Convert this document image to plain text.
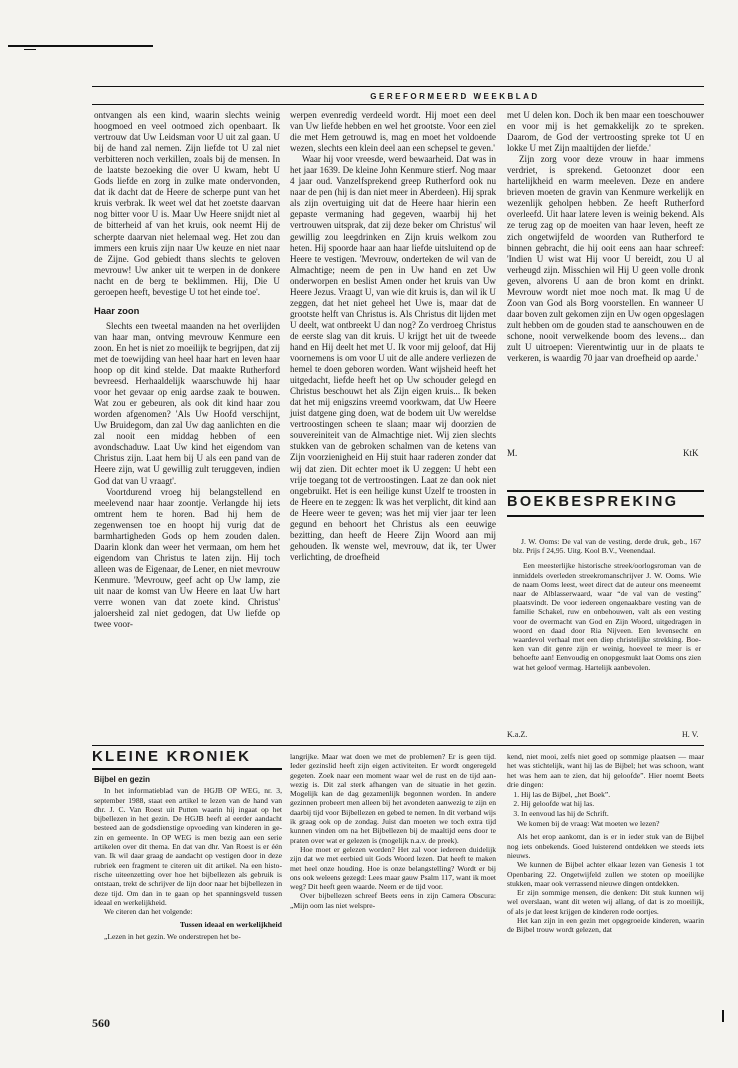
GEREFORMEERD WEEKBLAD

ontvangen als een kind, waarin slechts weinig hoogmoed en veel ootmoed zich openbaart. Ik vertrouw dat Uw Leidsman voor U uit zal gaan. U bij de hand zal nemen. Zijn liefde tot U zal niet verbitteren noch verkillen, zoals bij de mensen. In de laatste bezoeking die over U kwam, hebt U Gods liefde en zorg in zulke mate ondervonden, dat ik dacht dat de Heere de scherpe punt van het kruis verbrak. Ik weet wel dat het zoetste daarvan nog bitter voor U is. Maar Uw Heere snijdt niet al de bitterheid af van het kruis, ook neemt Hij de scherpte daarvan niet helemaal weg. Het zou dan immers een kruis zijn naar Uw keuze en niet naar de Zijne. God gebiedt thans slechts te geloven mevrouw! Uw anker uit te werpen in de donkere nacht en de berg te beklimmen. Hij, Die U geroepen heeft, bevestige U tot het einde toe'.

Haar zoon

Slechts een tweetal maanden na het overlijden van haar man, ontving mevrouw Kenmure een zoon. En het is niet zo moeilijk te begrijpen, dat zij met de toewijding van heel haar hart en leven haar hoop op dit kind stelde. Dat maakte Rutherford bevreesd. Herhaaldelijk waarschuwde hij haar voor het gevaar op enig aardse zaak te bouwen. Wat zou er gebeuren, als ook dit kind haar zou worden afgenomen? 'Als Uw Hoofd verschijnt, Uw Bruidegom, dan zal Uw dag aanlichten en die zal nooit een middag hebben of een avondschaduw. Laat Uw kind het eigendom van Christus zijn. Laat hem bij U als een pand van de Heere zijn, wat U gewillig zult teruggeven, indien God dat van U vraagt'.

Voortdurend vroeg hij belangstellend en meelevend naar haar zoontje. Verlangde hij iets omtrent hem te horen. Bad hij hem de zegenwensen toe en hoopt hij vurig dat de barmhartigheden Gods op hem zouden dalen. Daarin klonk dan weer het vermaan, om hem het eigendom van Christus te laten zijn. Hij toch alleen was de Eigenaar, de Lener, en niet mevrouw Kenmure. 'Mevrouw, geef acht op Uw lamp, zie uit naar de komst van Uw Heere en laat Uw hart verre wonen van dat zoete kind. Christus' jaloersheid zal niet gedogen, dat Uw liefde op twee voor-

werpen evenredig verdeeld wordt. Hij moet een deel van Uw liefde hebben en wel het grootste. Voor een ziel die met Hem getrouwd is, mag en moet het voldoende wezen, slechts een klein deel aan een schepsel te geven.'

Waar hij voor vreesde, werd bewaarheid. Dat was in het jaar 1639. De kleine John Kenmure stierf. Nog maar 4 jaar oud. Vanzelfsprekend greep Rutherford ook nu naar de pen (hij is dan niet meer in Aberdeen). Hij sprak als zijn overtuiging uit dat de Heere haar hierin een gepaste vermaning had gegeven, waarbij hij het vertrouwen uitsprak, dat zij deze beker om Christus' wil gewillig zou leegdrinken en Zijn kruis welkom zou heten. Hij spoorde haar aan haar liefde uitsluitend op de Heere te vestigen. 'Mevrouw, onderteken de wil van de Almachtige; neem de pen in Uw hand en zet Uw onderworpen en beslist Amen onder het kruis van Uw Heere Jezus. Vraagt U, van wie dit kruis is, dan wil ik U zeggen, dat het niet geheel het Uwe is, maar dat de grootste helft van Christus is. Als Christus dit lijden met U deelt, wat ontbreekt U dan nog? Zo verdroeg Christus de eerste slag van dit kruis. U krijgt het uit de tweede hand en Hij deelt het met U. Ik voor mij geloof, dat Hij voornemens is om voor U uit de alle andere verliezen de hemel te doen geboren worden. Want wijsheid heeft het uitgedacht, liefde heeft het op Uw schouder gelegd en Christus beschouwt het als Zijn eigen kruis... Ik beken dat het mij enigszins vreemd voorkwam, dat Uw Heere juist datgene ging doen, wat de bodem uit Uw wereldse vertroostingen scheen te slaan; maar wij doorzien de souvereiniteit van de Almachtige niet. Wij zien slechts stukken van de gebroken schalmen van de ketens van Zijn voorzienigheid en Hij stuit haar raderen zonder dat wij dat zien. Dit echter moet ik U zeggen: U hebt een vrije toegang tot de vertroostingen. Laat ze dan ook niet ongebruikt. Het is een heilige kunst Uzelf te troosten in de Heere en te zeggen: Ik was het verplicht, dit kind aan de Heere weer te geven; was het mij vier jaar ter leen gegund en behoort het Christus als een eeuwige bezitting, dan heeft de Heere Zijn Woord aan mij gehouden. Ik wenste wel, mevrouw, dat ik, ter Uwer verlichting, de droefheid

met U delen kon. Doch ik ben maar een toeschouwer en voor mij is het gemakkelijk zo te spreken. Daarom, de God der vertroosting spreke tot U en lokke U met Zijn maaltijden der liefde.'

Zijn zorg voor deze vrouw in haar immens verdriet, is sprekend. Getoonzet door een hartelijkheid en warm meeleven. Deze en andere brieven moeten de gravin van Kenmure werkelijk en wezenlijk geholpen hebben. Ze heeft Rutherford overleefd. Uit haar latere leven is weinig bekend. Als ze terug zag op de moeiten van haar leven, heeft ze zich ongetwijfeld de woorden van Rutherford te binnen gebracht, die hij ooit eens aan haar schreef: 'Indien U wist wat Hij voor U bereidt, zou U al verheugd zijn. Misschien wil Hij U geen volle dronk geven, alvorens U aan de bron komt en drinkt. Mevrouw wordt niet moe noch mat. Ik mag U de Zoon van God als Borg voorstellen. En wanneer U daar boven zult gekomen zijn en Uw ogen opgeslagen zult hebben om de gouden stad te aanschouwen en de schone, nooit verwelkende boom des levens... dan zult U uitroepen: Vierentwintig uur in de plaats te verkeren, is waardig 70 jaar van droefheid op aarde.'

M.	KtK
BOEKBESPREKING

J. W. Ooms: De val van de vesting, derde druk, geb., 167 blz. Prijs f 24,95. Uitg. Kool B.V., Veenendaal.

Een meesterlijke historische streek/oorlogsroman van de inmiddels overleden streekromanschrijver J. W. Ooms. Wie de naam Ooms leest, weet direct dat de auteur ons meeneemt naar de Alblasserwaard, waar “de val van de vesting” plaatsvindt. De voor iedereen ongenaakbare vesting van de familie Schakel, ruw en onbehouwen, valt als een vesting voor de overmacht van God en Zijn Woord, uitgedragen in woord en daad door Ria Nijveen. Een levensecht en waardevol verhaal met een diep christelijke strekking. Boeken van dit genre zijn er weinig, hoeveel te meer is er behoefte aan! Eenvoudig en onopgesmukt laat Ooms ons zien wat het geloof vermag. Hartelijk aanbevolen.

K.a.Z.	H. V.
KLEINE KRONIEK
Bijbel en gezin

In het informatieblad van de HGJB OP WEG, nr. 3, september 1988, staat een artikel te lezen van de hand van dhr. J. C. Van Roest uit Putten waarin hij ingaat op het bijbellezen in het gezin. De HGJB heeft al eerder aandacht besteed aan de godsdienstige opvoeding van kinderen in gezin en gemeente. In OP WEG is men bezig aan een serie artikelen over dit thema. En dat van dhr. Van Roest is er één van. Ik wil daar graag de aandacht op vestigen door in deze rubriek een fragment te citeren uit dit artikel. Na een historische uiteenzetting over hoe het bijbellezen als gebruik is ontstaan, trekt de schrijver de lijn door naar het bijbellezen in deze tijd. Om dan in te gaan op het spanningsveld tussen ideaal en werkelijkheid.

We citeren dan het volgende:

Tussen ideaal en werkelijkheid

„Lezen in het gezin. We onderstrepen het be-

langrijke. Maar wat doen we met de problemen? Er is geen tijd. Ieder gezinslid heeft zijn eigen activiteiten. Er wordt ongeregeld gegeten. Zoek naar een moment waar wel de rust en de tijd aanwezig is. Dit zal sterk afhangen van de situatie in het gezin. Mogelijk kan de dag gezamenlijk begonnen worden. In andere gezinnen probeert men alleen bij het avondeten aanwezig te zijn en daarbij tijd voor Bijbellezen en gebed te nemen. In dit verband wijs ik graag ook op de zondag. Juist dan moeten we toch extra tijd kunnen vinden om na het Bijbellezen bij de maaltijd eens door te praten over wat er gelezen is (mogelijk n.a.v. de preek).

Hoe moet er gelezen worden? Het zal voor iedereen duidelijk zijn dat we met eerbied uit Gods Woord lezen. Dat heeft te maken met heel onze houding. Hoe is onze belangstelling? Wordt er bij ons ook weleens gezegd: Lees maar gauw Psalm 117, want ik moet weg? Dit heeft geen waarde. Neem er de tijd voor.

Over bijbellezen schreef Beets eens in zijn Camera Obscura: „Mijn oom las niet welspre-

kend, niet mooi, zelfs niet goed op sommige plaatsen — maar het was stichtelijk, want hij las de Bijbel; het was schoon, want het was hem aan te zien, dat hij geloofde”. Hier noemt Beets drie dingen:

1. Hij las de Bijbel, „het Boek”.
2. Hij geloofde wat hij las.
3. In eenvoud las hij de Schrift.

We komen bij de vraag: Wat moeten we lezen?

Als het erop aankomt, dan is er in ieder stuk van de Bijbel nog iets onbekends. Goed luisterend ontdekken we steeds iets nieuws.

We kunnen de Bijbel achter elkaar lezen van Genesis 1 tot Openbaring 22. Ongetwijfeld zullen we stoten op moeilijke stukken, maar ook verrassend nieuwe dingen ontdekken.

Er zijn sommige mensen, die denken: Dit stuk kunnen wij wel overslaan, want dit weten wij allang, of dat is zo moeilijk, of als je dat leest krijgen de kinderen rode oortjes.

Het kan zijn in een gezin met opgegroeide kinderen, waarin de Bijbel trouw wordt gelezen, dat

560
